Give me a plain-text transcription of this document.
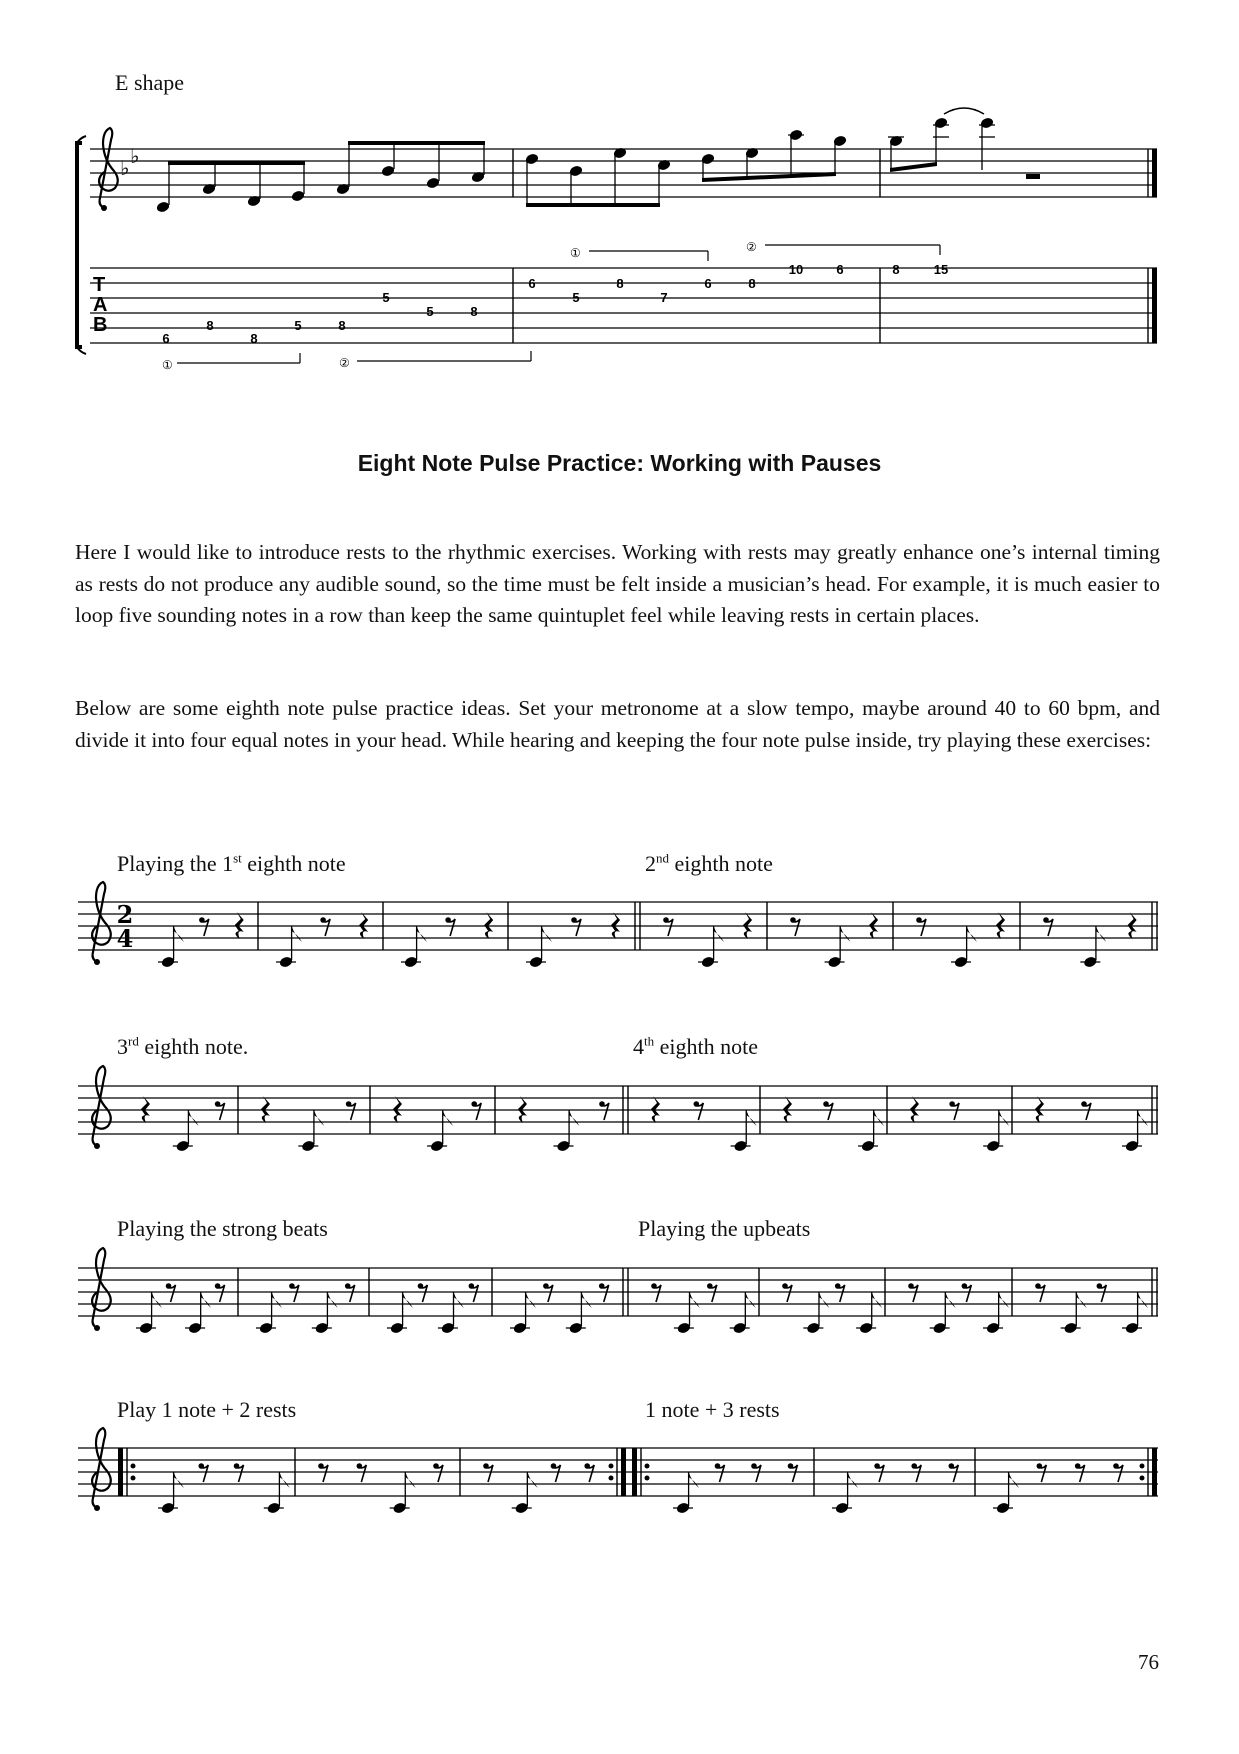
E shape
♭ ♭
T
A
B
6
8
8
5	8
5
5	8
6
5
8
7
6	8
10	6	8	15
①	②
①	②
Eight Note Pulse Practice: Working with Pauses

Here I would like to introduce rests to the rhythmic exercises. Working with rests may greatly enhance one’s internal timing as rests do not produce any audible sound, so the time must be felt inside a musician’s head. For example, it is much easier to loop five sounding notes in a row than keep the same quintuplet feel while leaving rests in certain places.

Below are some eighth note pulse practice ideas. Set your metronome at a slow tempo, maybe around 40 to 60 bpm, and divide it into four equal notes in your head. While hearing and keeping the four note pulse inside, try playing these exercises:

Playing the 1st eighth note	2nd eighth note
3rd eighth note.	4th eighth note
Playing the strong beats	Playing the upbeats
Play 1 note + 2 rests	1 note + 3 rests
2
4
76
